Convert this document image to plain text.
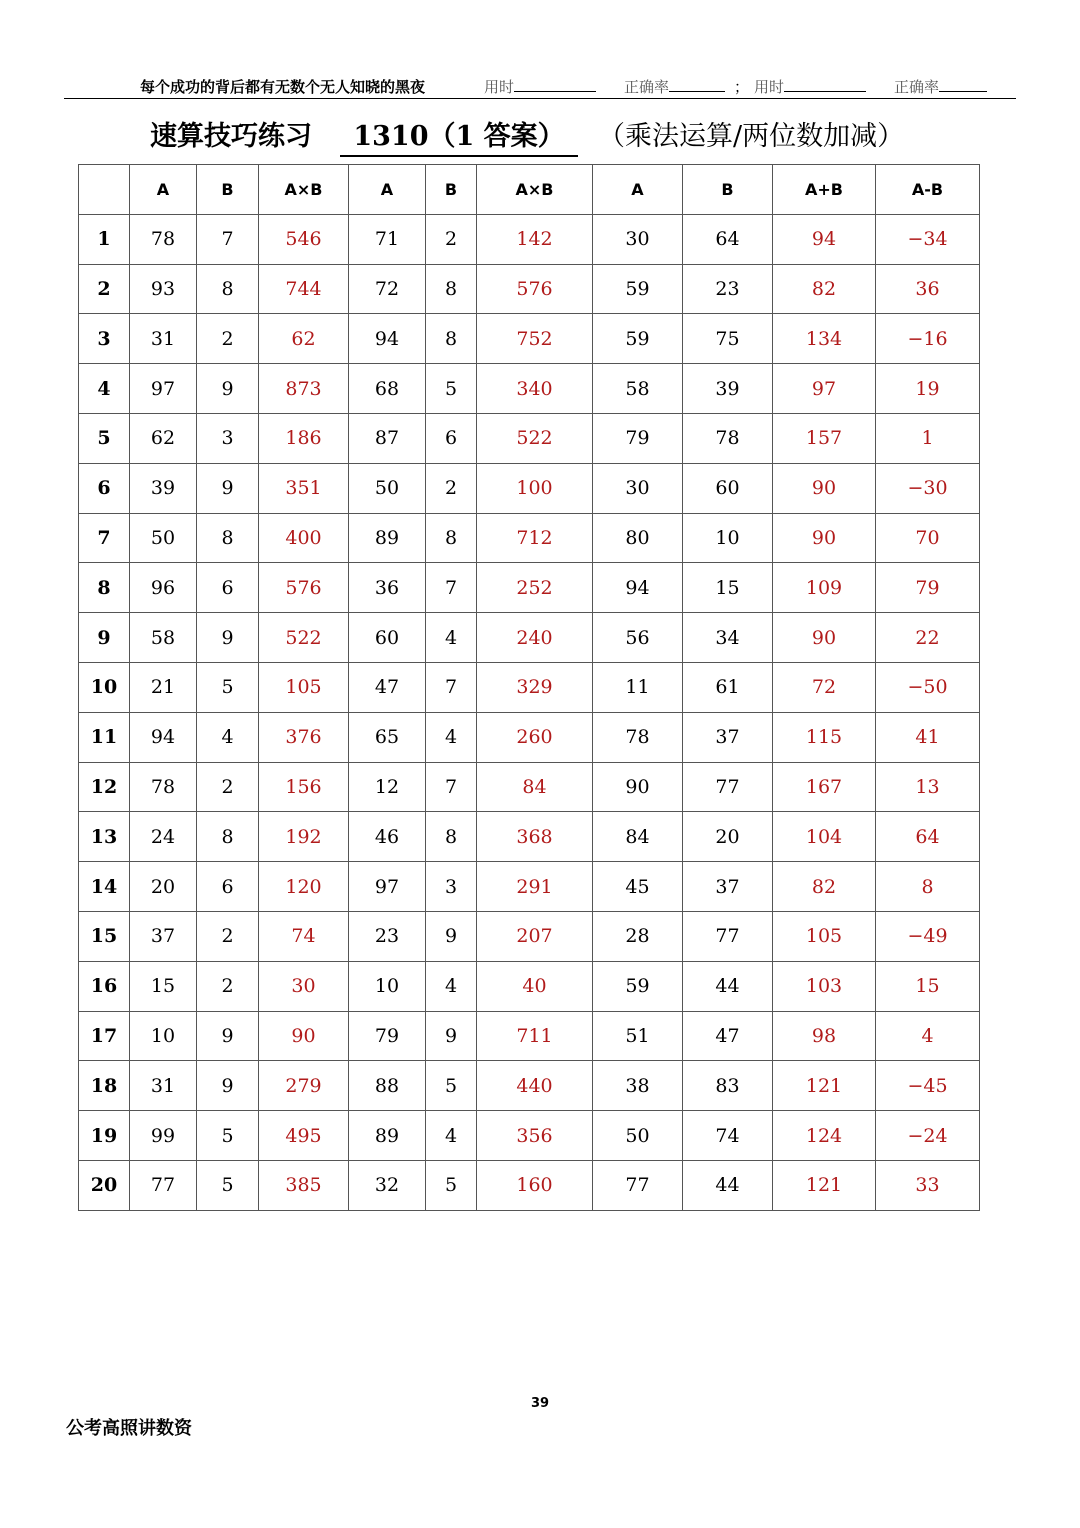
每个成功的背后都有无数个无人知晓的黑夜	用时	正确率	； 用时	正确率
速算技巧练习	1310（1 答案）	（乘法运算/两位数加减）
	A	B	A×B	A	B	A×B	A	B	A+B	A-B
1	78	7	546	71	2	142	30	64	94	−34
2	93	8	744	72	8	576	59	23	82	36
3	31	2	62	94	8	752	59	75	134	−16
4	97	9	873	68	5	340	58	39	97	19
5	62	3	186	87	6	522	79	78	157	1
6	39	9	351	50	2	100	30	60	90	−30
7	50	8	400	89	8	712	80	10	90	70
8	96	6	576	36	7	252	94	15	109	79
9	58	9	522	60	4	240	56	34	90	22
10	21	5	105	47	7	329	11	61	72	−50
11	94	4	376	65	4	260	78	37	115	41
12	78	2	156	12	7	84	90	77	167	13
13	24	8	192	46	8	368	84	20	104	64
14	20	6	120	97	3	291	45	37	82	8
15	37	2	74	23	9	207	28	77	105	−49
16	15	2	30	10	4	40	59	44	103	15
17	10	9	90	79	9	711	51	47	98	4
18	31	9	279	88	5	440	38	83	121	−45
19	99	5	495	89	4	356	50	74	124	−24
20	77	5	385	32	5	160	77	44	121	33
39
公考高照讲数资
